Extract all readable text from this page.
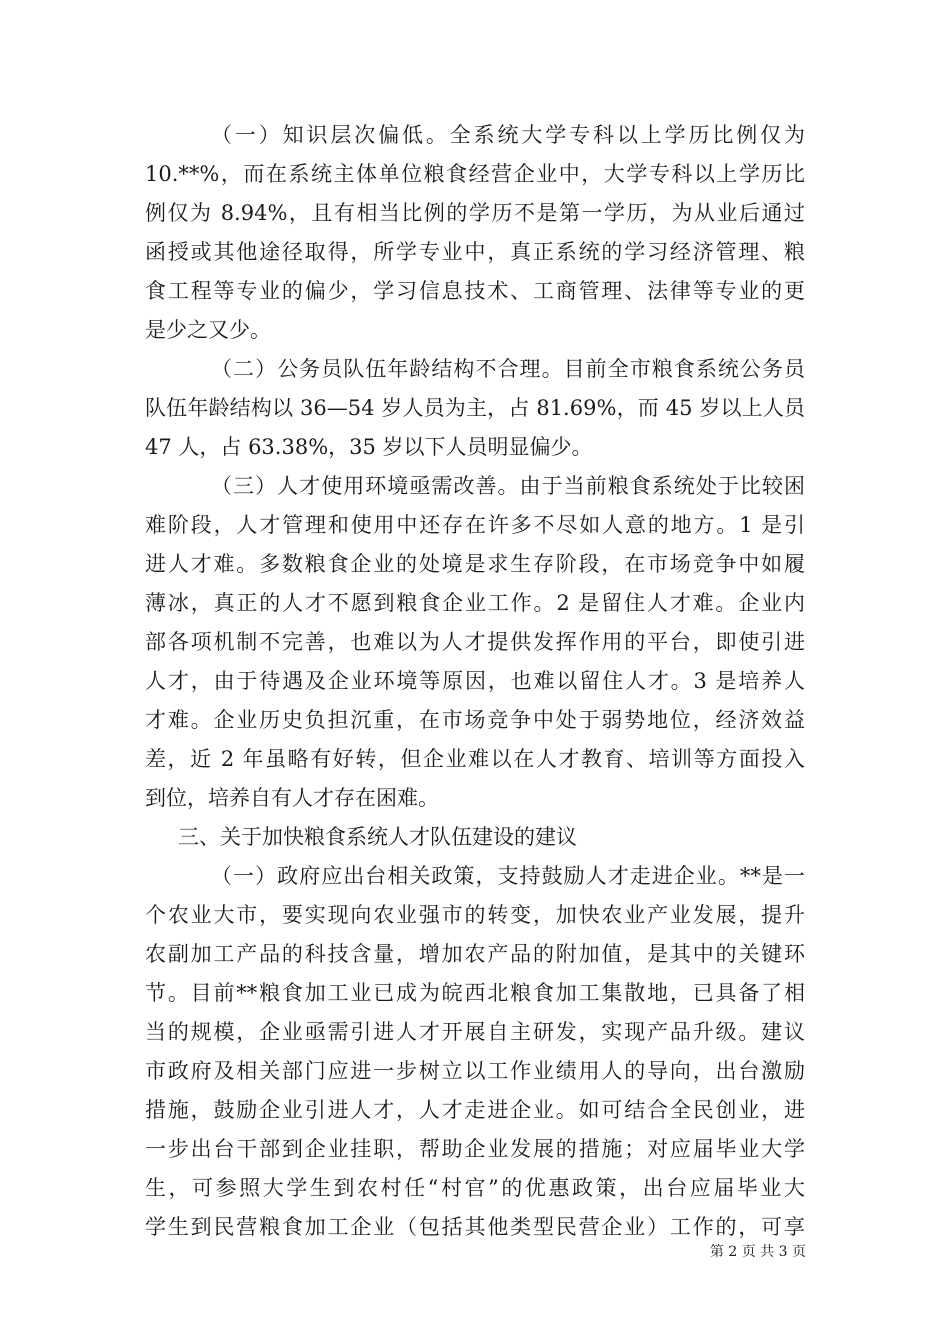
（一）知识层次偏低。全系统大学专科以上学历比例仅为
10.**%，而在系统主体单位粮食经营企业中，大学专科以上学历比
例仅为 8.94%，且有相当比例的学历不是第一学历，为从业后通过
函授或其他途径取得，所学专业中，真正系统的学习经济管理、粮
食工程等专业的偏少，学习信息技术、工商管理、法律等专业的更
是少之又少。
（二）公务员队伍年龄结构不合理。目前全市粮食系统公务员
队伍年龄结构以 36—54 岁人员为主，占 81.69%，而 45 岁以上人员
47 人，占 63.38%，35 岁以下人员明显偏少。
（三）人才使用环境亟需改善。由于当前粮食系统处于比较困
难阶段，人才管理和使用中还存在许多不尽如人意的地方。1 是引
进人才难。多数粮食企业的处境是求生存阶段，在市场竞争中如履
薄冰，真正的人才不愿到粮食企业工作。2 是留住人才难。企业内
部各项机制不完善，也难以为人才提供发挥作用的平台，即使引进
人才，由于待遇及企业环境等原因，也难以留住人才。3 是培养人
才难。企业历史负担沉重，在市场竞争中处于弱势地位，经济效益
差，近 2 年虽略有好转，但企业难以在人才教育、培训等方面投入
到位，培养自有人才存在困难。
三、关于加快粮食系统人才队伍建设的建议
（一）政府应出台相关政策，支持鼓励人才走进企业。**是一
个农业大市，要实现向农业强市的转变，加快农业产业发展，提升
农副加工产品的科技含量，增加农产品的附加值，是其中的关键环
节。目前**粮食加工业已成为皖西北粮食加工集散地，已具备了相
当的规模，企业亟需引进人才开展自主研发，实现产品升级。建议
市政府及相关部门应进一步树立以工作业绩用人的导向，出台激励
措施，鼓励企业引进人才，人才走进企业。如可结合全民创业，进
一步出台干部到企业挂职，帮助企业发展的措施；对应届毕业大学
生，可参照大学生到农村任“村官”的优惠政策，出台应届毕业大
学生到民营粮食加工企业（包括其他类型民营企业）工作的，可享
第 2 页 共 3 页
